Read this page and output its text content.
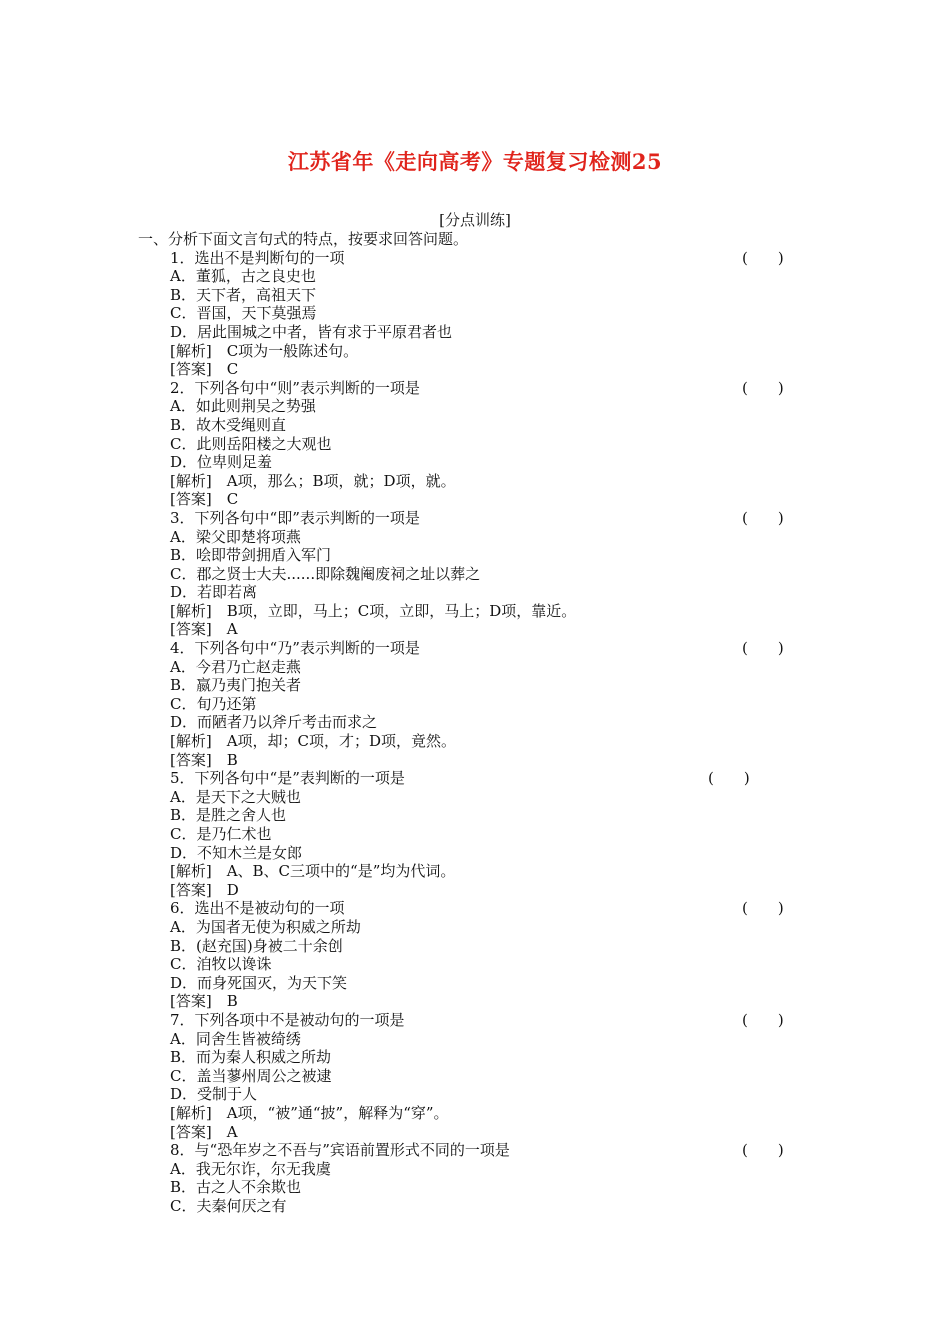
江苏省年《走向高考》专题复习检测25
[分点训练]
一、分析下面文言句式的特点，按要求回答问题。
1．选出不是判断句的一项	(　　)
A．董狐，古之良史也
B．天下者，高祖天下
C．晋国，天下莫强焉
D．居此围城之中者，皆有求于平原君者也
[解析]　C项为一般陈述句。
[答案]　C
2．下列各句中“则”表示判断的一项是	(　　)
A．如此则荆吴之势强
B．故木受绳则直
C．此则岳阳楼之大观也
D．位卑则足羞
[解析]　A项，那么；B项，就；D项，就。
[答案]　C
3．下列各句中“即”表示判断的一项是	(　　)
A．梁父即楚将项燕
B．哙即带剑拥盾入军门
C．郡之贤士大夫......即除魏阉废祠之址以葬之
D．若即若离
[解析]　B项，立即，马上；C项，立即，马上；D项，靠近。
[答案]　A
4．下列各句中“乃”表示判断的一项是	(　　)
A．今君乃亡赵走燕
B．嬴乃夷门抱关者
C．旬乃还第
D．而陋者乃以斧斤考击而求之
[解析]　A项，却；C项，才；D项，竟然。
[答案]　B
5．下列各句中“是”表判断的一项是	(　　)
A．是天下之大贼也
B．是胜之舍人也
C．是乃仁术也
D．不知木兰是女郎
[解析]　A、B、C三项中的“是”均为代词。
[答案]　D
6．选出不是被动句的一项	(　　)
A．为国者无使为积威之所劫
B．(赵充国)身被二十余创
C．洎牧以谗诛
D．而身死国灭，为天下笑
[答案]　B
7．下列各项中不是被动句的一项是	(　　)
A．同舍生皆被绮绣
B．而为秦人积威之所劫
C．盖当蓼州周公之被逮
D．受制于人
[解析]　A项，“被”通“披”，解释为“穿”。
[答案]　A
8．与“恐年岁之不吾与”宾语前置形式不同的一项是	(　　)
A．我无尔诈，尔无我虞
B．古之人不余欺也
C．夫秦何厌之有
